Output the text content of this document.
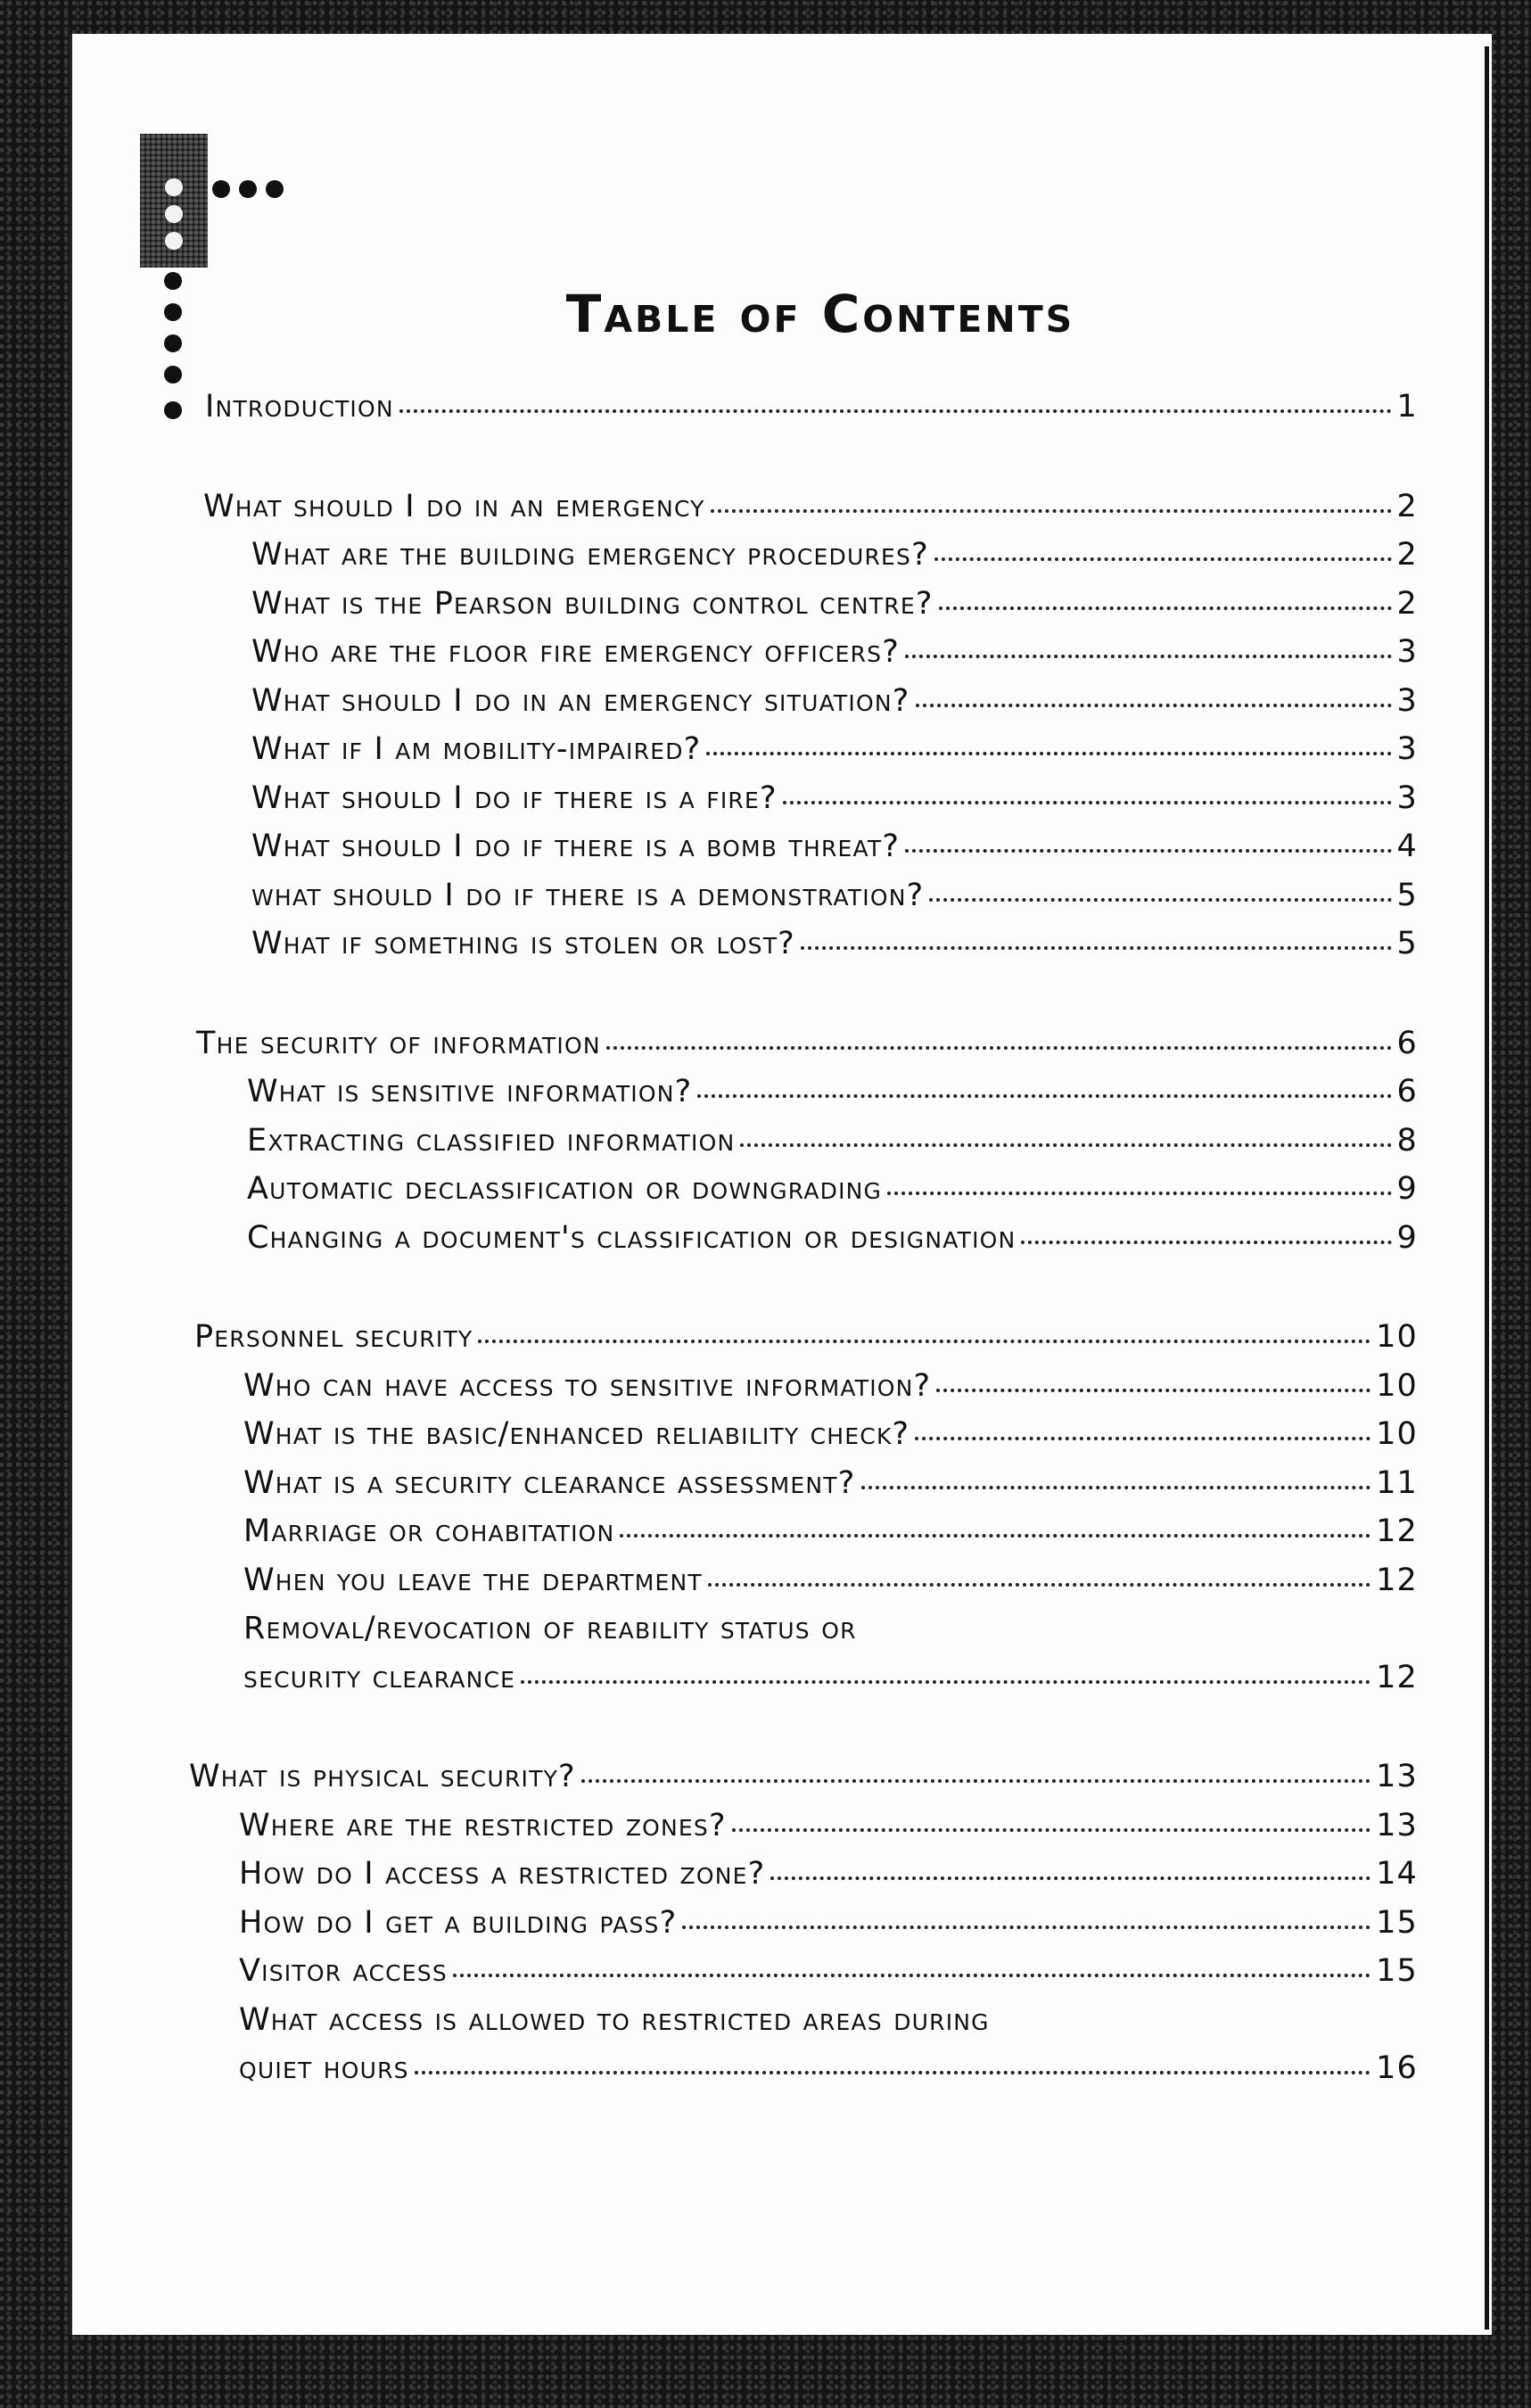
Table of Contents
Introduction	1
What should I do in an emergency	2
What are the building emergency procedures?	2
What is the Pearson building control centre?	2
Who are the floor fire emergency officers?	3
What should I do in an emergency situation?	3
What if I am mobility-impaired?	3
What should I do if there is a fire?	3
What should I do if there is a bomb threat?	4
what should I do if there is a demonstration?	5
What if something is stolen or lost?	5
The security of information	6
What is sensitive information?	6
Extracting classified information	8
Automatic declassification or downgrading	9
Changing a document's classification or designation	9
Personnel security	10
Who can have access to sensitive information?	10
What is the basic/enhanced reliability check?	10
What is a security clearance assessment?	11
Marriage or cohabitation	12
When you leave the department	12
Removal/revocation of reability status or
security clearance	12
What is physical security?	13
Where are the restricted zones?	13
How do I access a restricted zone?	14
How do I get a building pass?	15
Visitor access	15
What access is allowed to restricted areas during
quiet hours	16
